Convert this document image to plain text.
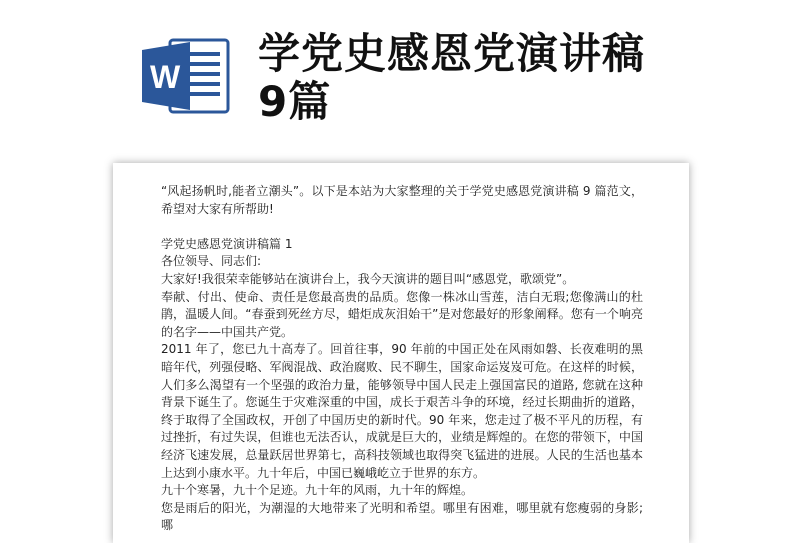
W 学党史感恩党演讲稿
9篇

“风起扬帆时,能者立潮头”。以下是本站为大家整理的关于学党史感恩党演讲稿 9 篇范文，希望对大家有所帮助!

学党史感恩党演讲稿篇 1

各位领导、同志们:

大家好!我很荣幸能够站在演讲台上，我今天演讲的题目叫“感恩党，歌颂党”。

奉献、付出、使命、责任是您最高贵的品质。您像一株冰山雪莲，洁白无瑕;您像满山的杜鹃，温暖人间。“春蚕到死丝方尽，蜡炬成灰泪始干”是对您最好的形象阐释。您有一个响亮的名字——中国共产党。

2011 年了，您已九十高寿了。回首往事，90 年前的中国正处在风雨如磐、长夜难明的黑暗年代，列强侵略、军阀混战、政治腐败、民不聊生，国家命运岌岌可危。在这样的时候，人们多么渴望有一个坚强的政治力量，能够领导中国人民走上强国富民的道路, 您就在这种背景下诞生了。您诞生于灾难深重的中国，成长于艰苦斗争的环境，经过长期曲折的道路，终于取得了全国政权，开创了中国历史的新时代。90 年来，您走过了极不平凡的历程，有过挫折，有过失误，但谁也无法否认，成就是巨大的，业绩是辉煌的。在您的带领下，中国经济飞速发展，总量跃居世界第七，高科技领域也取得突飞猛进的进展。人民的生活也基本上达到小康水平。九十年后，中国已巍峨屹立于世界的东方。

九十个寒暑，九十个足迹。九十年的风雨，九十年的辉煌。

您是雨后的阳光，为潮湿的大地带来了光明和希望。哪里有困难，哪里就有您瘦弱的身影;哪
